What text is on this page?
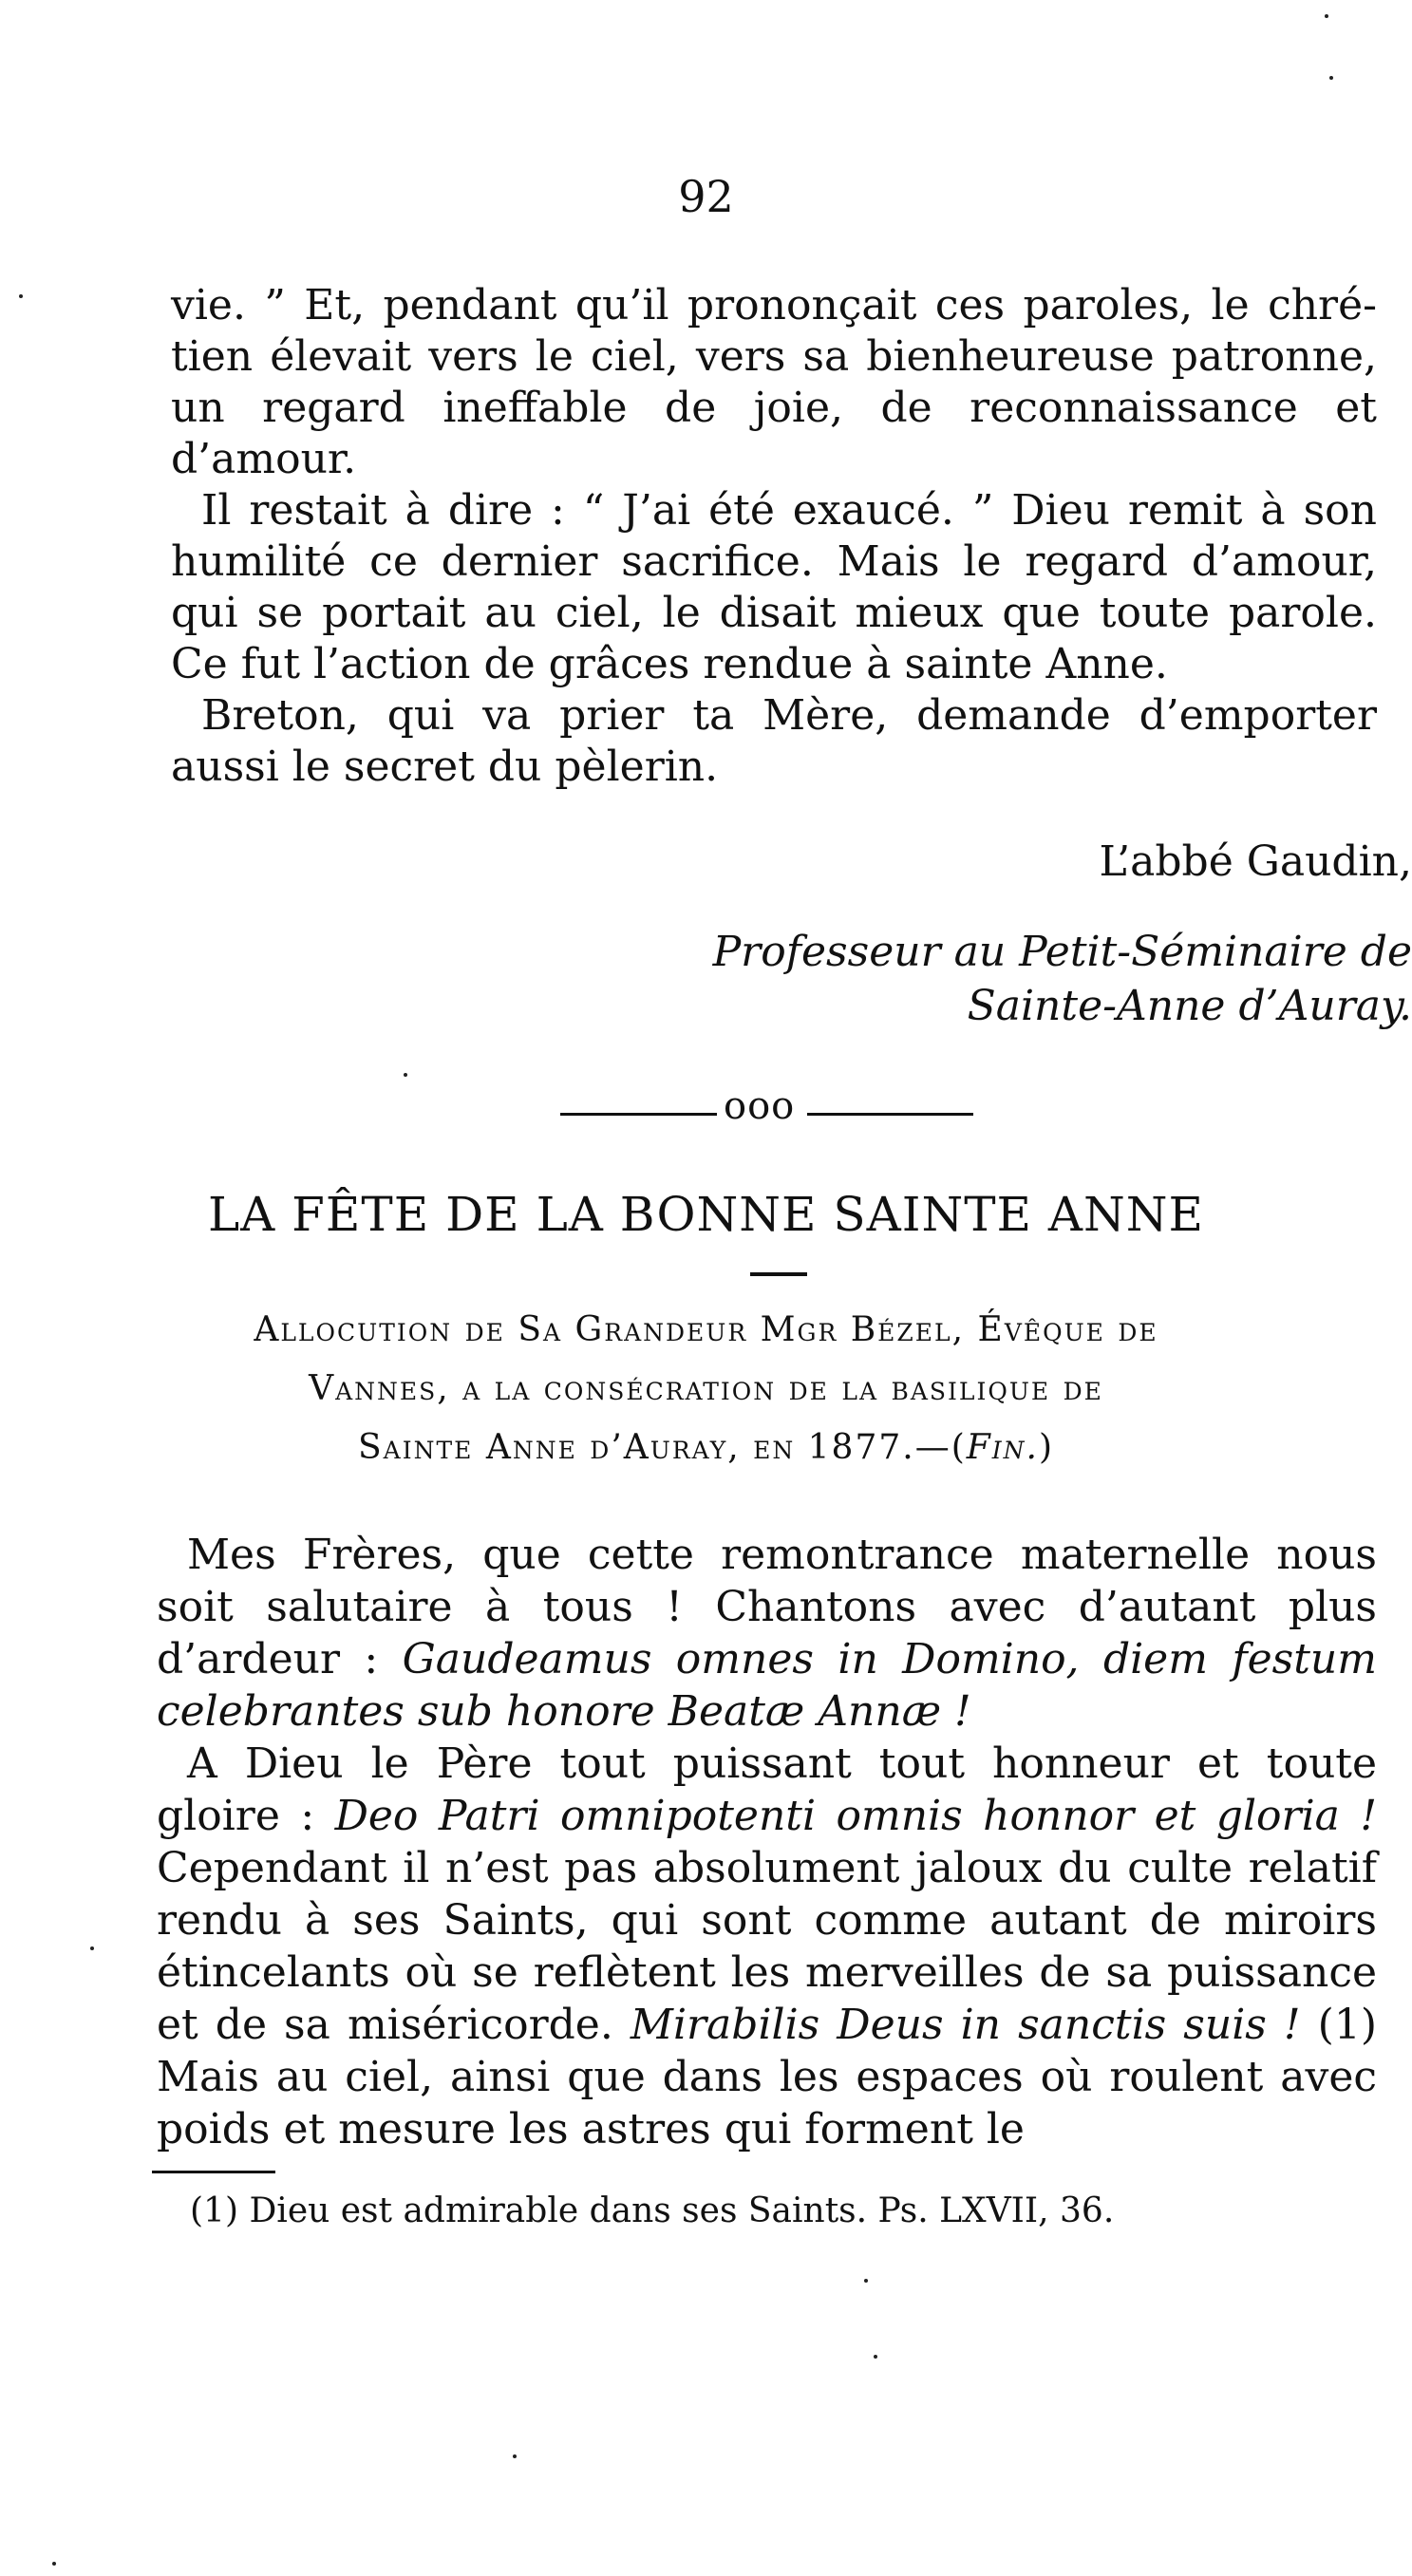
92

vie. ” Et, pendant qu’il prononçait ces paroles, le chrétien élevait vers le ciel, vers sa bienheureuse patronne, un regard ineffable de joie, de reconnaissance et d’amour.

Il restait à dire : “ J’ai été exaucé. ” Dieu remit à son humilité ce dernier sacrifice. Mais le regard d’amour, qui se portait au ciel, le disait mieux que toute parole. Ce fut l’action de grâces rendue à sainte Anne.

Breton, qui va prier ta Mère, demande d’emporter aussi le secret du pèlerin.

L’abbé Gaudin,
Professeur au Petit-Séminaire de
Sainte-Anne d’Auray.
ooo
LA FÊTE DE LA BONNE SAINTE ANNE
Allocution de Sa Grandeur Mgr Bézel, Évêque de
Vannes, a la consécration de la basilique de
Sainte Anne d’Auray, en 1877.—(Fin.)

Mes Frères, que cette remontrance maternelle nous soit salutaire à tous ! Chantons avec d’autant plus d’ardeur : Gaudeamus omnes in Domino, diem festum celebrantes sub honore Beatæ Annæ !

A Dieu le Père tout puissant tout honneur et toute gloire : Deo Patri omnipotenti omnis honnor et gloria ! Cependant il n’est pas absolument jaloux du culte relatif rendu à ses Saints, qui sont comme autant de miroirs étincelants où se reflètent les merveilles de sa puissance et de sa miséricorde. Mirabilis Deus in sanctis suis ! (1) Mais au ciel, ainsi que dans les espaces où roulent avec poids et mesure les astres qui forment le

(1) Dieu est admirable dans ses Saints. Ps. LXVII, 36.
